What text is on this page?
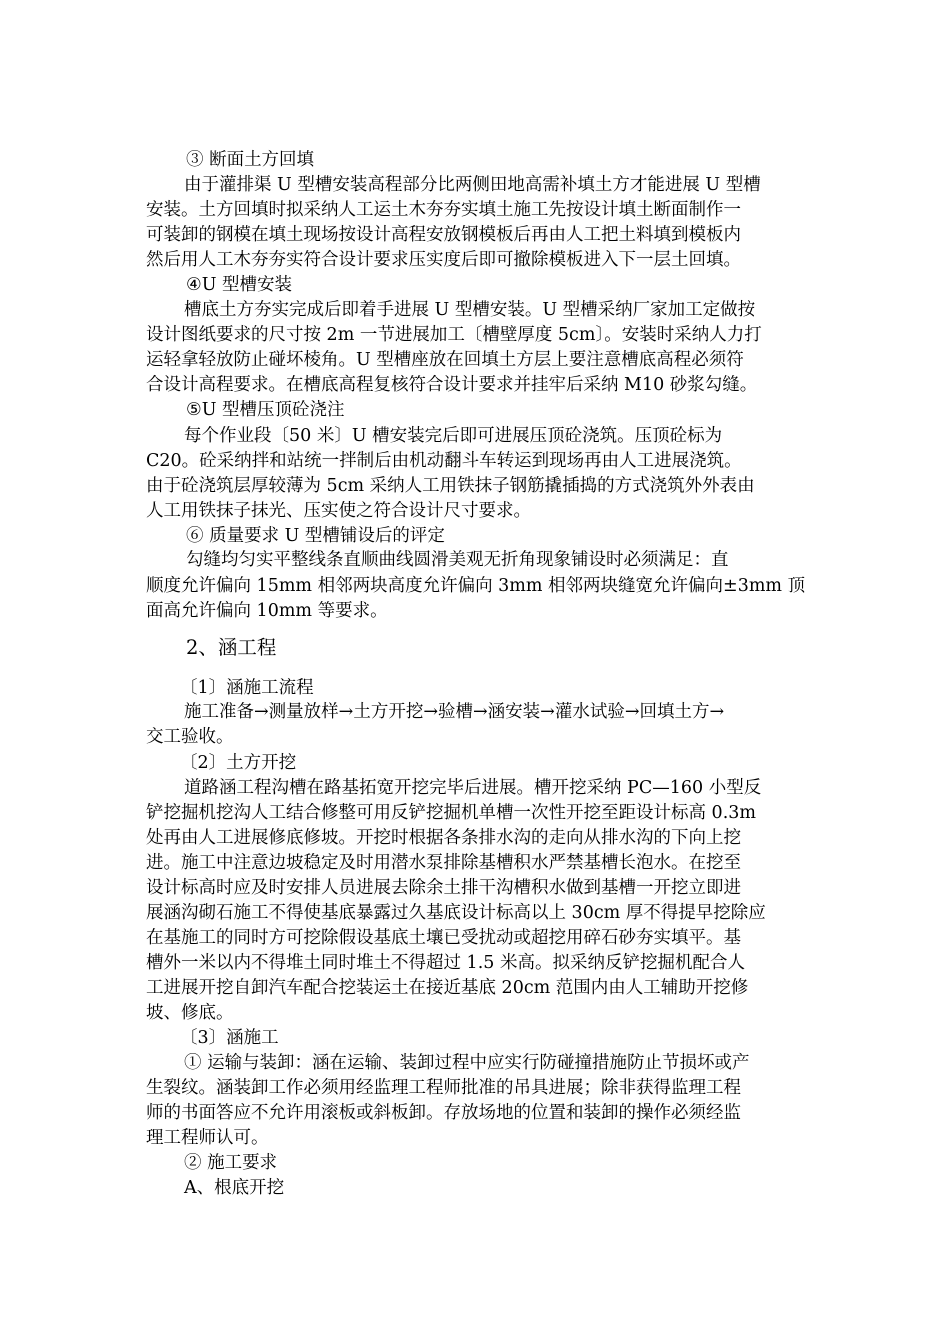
③ 断面土方回填
由于灌排渠 U 型槽安装高程部分比两侧田地高需补填土方才能进展 U 型槽
安装。土方回填时拟采纳人工运土木夯夯实填土施工先按设计填土断面制作一
可装卸的钢模在填土现场按设计高程安放钢模板后再由人工把土料填到模板内
然后用人工木夯夯实符合设计要求压实度后即可撤除模板进入下一层土回填。
④U 型槽安装
槽底土方夯实完成后即着手进展 U 型槽安装。U 型槽采纳厂家加工定做按
设计图纸要求的尺寸按 2m 一节进展加工〔槽壁厚度 5cm〕。安装时采纳人力打
运轻拿轻放防止碰坏棱角。U 型槽座放在回填土方层上要注意槽底高程必须符
合设计高程要求。在槽底高程复核符合设计要求并挂牢后采纳 M10 砂浆勾缝。
⑤U 型槽压顶砼浇注
每个作业段〔50 米〕U 槽安装完后即可进展压顶砼浇筑。压顶砼标为
C20。砼采纳拌和站统一拌制后由机动翻斗车转运到现场再由人工进展浇筑。
由于砼浇筑层厚较薄为 5cm 采纳人工用铁抹子钢筋撬插捣的方式浇筑外外表由
人工用铁抹子抹光、压实使之符合设计尺寸要求。
⑥ 质量要求 U 型槽铺设后的评定
勾缝均匀实平整线条直顺曲线圆滑美观无折角现象铺设时必须满足：直
顺度允许偏向 15mm 相邻两块高度允许偏向 3mm 相邻两块缝宽允许偏向±3mm 顶
面高允许偏向 10mm 等要求。
2、涵工程
〔1〕涵施工流程
施工准备→测量放样→土方开挖→验槽→涵安装→灌水试验→回填土方→
交工验收。
〔2〕土方开挖
道路涵工程沟槽在路基拓宽开挖完毕后进展。槽开挖采纳 PC—160 小型反
铲挖掘机挖沟人工结合修整可用反铲挖掘机单槽一次性开挖至距设计标高 0.3m
处再由人工进展修底修坡。开挖时根据各条排水沟的走向从排水沟的下向上挖
进。施工中注意边坡稳定及时用潜水泵排除基槽积水严禁基槽长泡水。在挖至
设计标高时应及时安排人员进展去除余土排干沟槽积水做到基槽一开挖立即进
展涵沟砌石施工不得使基底暴露过久基底设计标高以上 30cm 厚不得提早挖除应
在基施工的同时方可挖除假设基底土壤已受扰动或超挖用碎石砂夯实填平。基
槽外一米以内不得堆土同时堆土不得超过 1.5 米高。拟采纳反铲挖掘机配合人
工进展开挖自卸汽车配合挖装运土在接近基底 20cm 范围内由人工辅助开挖修
坡、修底。
〔3〕涵施工
① 运输与装卸：涵在运输、装卸过程中应实行防碰撞措施防止节损坏或产
生裂纹。涵装卸工作必须用经监理工程师批准的吊具进展；除非获得监理工程
师的书面答应不允许用滚板或斜板卸。存放场地的位置和装卸的操作必须经监
理工程师认可。
② 施工要求
A、根底开挖
